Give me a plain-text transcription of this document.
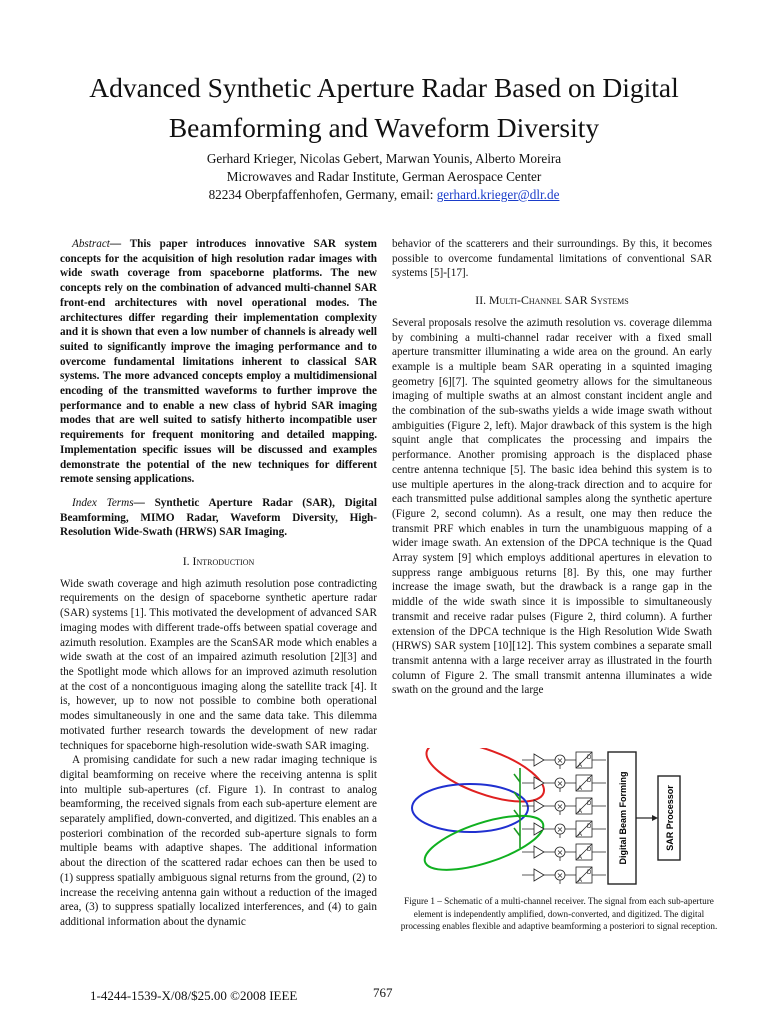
Advanced Synthetic Aperture Radar Based on Digital Beamforming and Waveform Diversity
Gerhard Krieger, Nicolas Gebert, Marwan Younis, Alberto Moreira
Microwaves and Radar Institute, German Aerospace Center
82234 Oberpfaffenhofen, Germany, email: gerhard.krieger@dlr.de

Abstract— This paper introduces innovative SAR system concepts for the acquisition of high resolution radar images with wide swath coverage from spaceborne platforms. The new concepts rely on the combination of advanced multi-channel SAR front-end architectures with novel operational modes. The architectures differ regarding their implementation complexity and it is shown that even a low number of channels is already well suited to significantly improve the imaging performance and to overcome fundamental limitations inherent to classical SAR systems. The more advanced concepts employ a multidimensional encoding of the transmitted waveforms to further improve the performance and to enable a new class of hybrid SAR imaging modes that are well suited to satisfy hitherto incompatible user requirements for frequent monitoring and detailed mapping. Implementation specific issues will be discussed and examples demonstrate the potential of the new techniques for different remote sensing applications.

Index Terms— Synthetic Aperture Radar (SAR), Digital Beamforming, MIMO Radar, Waveform Diversity, High-Resolution Wide-Swath (HRWS) SAR Imaging.

I. Introduction

Wide swath coverage and high azimuth resolution pose contradicting requirements on the design of spaceborne synthetic aperture radar (SAR) systems [1]. This motivated the development of advanced SAR imaging modes with different trade-offs between spatial coverage and azimuth resolution. Examples are the ScanSAR mode which enables a wide swath at the cost of an impaired azimuth resolution [2][3] and the Spotlight mode which allows for an improved azimuth resolution at the cost of a noncontiguous imaging along the satellite track [4]. It is, however, up to now not possible to combine both operational modes simultaneously in one and the same data take. This dilemma motivated further research towards the development of new radar techniques for spaceborne high-resolution wide-swath SAR imaging.

A promising candidate for such a new radar imaging technique is digital beamforming on receive where the receiving antenna is split into multiple sub-apertures (cf. Figure 1). In contrast to analog beamforming, the received signals from each sub-aperture element are separately amplified, down-converted, and digitized. This enables an a posteriori combination of the recorded sub-aperture signals to form multiple beams with adaptive shapes. The additional information about the direction of the scattered radar echoes can then be used to (1) suppress spatially ambiguous signal returns from the ground, (2) to increase the receiving antenna gain without a reduction of the imaged area, (3) to suppress spatially localized interferences, and (4) to gain additional information about the dynamic

behavior of the scatterers and their surroundings. By this, it becomes possible to overcome fundamental limitations of conventional SAR systems [5]-[17].

II. Multi-Channel SAR Systems

Several proposals resolve the azimuth resolution vs. coverage dilemma by combining a multi-channel radar receiver with a fixed small aperture transmitter illuminating a wide area on the ground. An early example is a multiple beam SAR operating in a squinted imaging geometry [6][7]. The squinted geometry allows for the simultaneous imaging of multiple swaths at an almost constant incident angle and the combination of the sub-swaths yields a wide image swath without ambiguities (Figure 2, left). Major drawback of this system is the high squint angle that complicates the processing and impairs the performance. Another promising approach is the displaced phase centre antenna technique [5]. The basic idea behind this system is to use multiple apertures in the along-track direction and to acquire for each transmitted pulse additional samples along the synthetic aperture (Figure 2, second column). As a result, one may then reduce the transmit PRF which enables in turn the unambiguous mapping of a wider image swath. An extension of the DPCA technique is the Quad Array system [9] which employs additional apertures in elevation to suppress range ambiguous returns [8]. By this, one may further increase the image swath, but the drawback is a range gap in the middle of the wide swath since it is impossible to simultaneously transmit and receive radar pulses (Figure 2, third column). A further extension of the DPCA technique is the High Resolution Wide Swath (HRWS) SAR system [10][12]. This system combines a separate small transmit antenna with a large receiver array as illustrated in the fourth column of Figure 2. The small transmit antenna illuminates a wide swath on the ground and the large

×	D
A
×	D
A
×	D
A
×	D
A
×	D
A
×	D
A
Digital Beam Forming	SAR Processor
Figure 1 – Schematic of a multi-channel receiver. The signal from each sub-aperture element is independently amplified, down-converted, and digitized. The digital processing enables flexible and adaptive beamforming a posteriori to signal reception.
1-4244-1539-X/08/$25.00 ©2008 IEEE	767
